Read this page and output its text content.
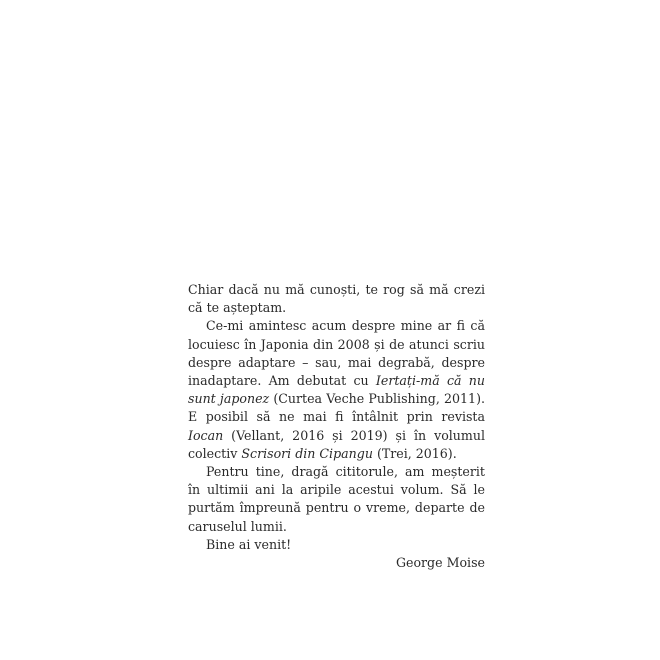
Chiar dacă nu mă cunoști, te rog să mă crezi că te așteptam.

Ce-mi amintesc acum despre mine ar fi că locuiesc în Japonia din 2008 și de atunci scriu despre adaptare – sau, mai degrabă, despre inadaptare. Am debutat cu Iertați-mă că nu sunt japonez (Curtea Veche Publishing, 2011). E posibil să ne mai fi întâlnit prin revista Iocan (Vellant, 2016 și 2019) și în volumul colectiv Scrisori din Cipangu (Trei, 2016).

Pentru tine, dragă cititorule, am meșterit în ultimii ani la aripile acestui volum. Să le purtăm împreună pentru o vreme, departe de caruselul lumii.

Bine ai venit!

George Moise
